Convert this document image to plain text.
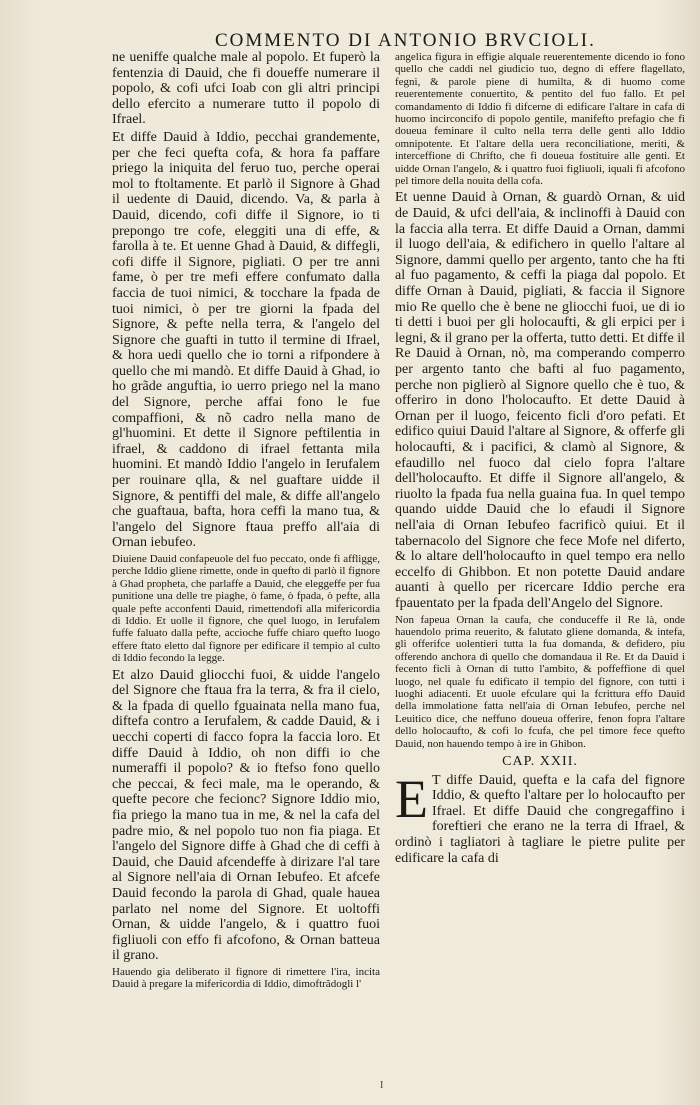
COMMENTO DI ANTONIO BRVCIOLI.

ne ueniffe qualche male al popolo. Et fuperò la fentenzia di Dauid, che fi doueffe numerare il popolo, & cofi ufci Ioab con gli altri principi dello efercito a numerare tutto il popolo di Ifrael.

Et diffe Dauid à Iddio, pecchai grandemente, per che feci quefta cofa, & hora fa paffare priego la iniquita del feruo tuo, perche operai mol to ftoltamente. Et parlò il Signore à Ghad il uedente di Dauid, dicendo. Va, & parla à Dauid, dicendo, cofi diffe il Signore, io ti prepongo tre cofe, eleggiti una di effe, & farolla à te. Et uenne Ghad à Dauid, & diffegli, cofi diffe il Signore, pigliati. O per tre anni fame, ò per tre mefi effere confumato dalla faccia de tuoi nimici, & toccharе la fpada de tuoi nimici, ò per tre giorni la fpada del Signore, & pefte nella terra, & l'angelo del Signore che guafti in tutto il termine di Ifrael, & hora uedi quello che io torni a rifpondere à quello che mi mandò. Et diffe Dauid à Ghad, io ho grãde anguftia, io uerro priego nel la mano del Signore, perche affai fono le fue compaffioni, & nõ cadro nella mano de gl'huomini. Et dette il Signore peftilentia in ifrael, & caddono di ifrael fettanta mila huomini. Et mandò Iddio l'angelo in Ierufalem per rouinare qlla, & nel guaftare uidde il Signore, & pentiffi del male, & diffe all'angelo che guaftaua, bafta, hora ceffi la mano tua, & l'angelo del Signore ftaua preffo all'aia di Ornan iebufeo.

Diuiene Dauid confapeuole del fuo peccato, onde fi affligge, perche Iddio gliene rimette, onde in quefto di parlò il fignore à Ghad propheta, che parlaffe a Dauid, che eleggeffe per fua punitione una delle tre piaghe, ò fame, ò fpada, ò pefte, alla quale pefte acconfenti Dauid, rimettendofi alla mifericordia di Iddio. Et uolle il fignore, che quel luogo, in Ierufalem fuffe faluato dalla pefte, accioche fuffe chiaro quefto luogo effere ftato eletto dal fignore per edificare il tempio al culto di Iddio fecondo la legge.

Et alzo Dauid gliocchi fuoi, & uidde l'angelo del Signore che ftaua fra la terra, & fra il cielo, & la fpada di quello fguainata nella mano fua, diftefa contro a Ierufalem, & cadde Dauid, & i uecchi coperti di facco fopra la faccia loro. Et diffe Dauid à Iddio, oh non diffi io che numeraffi il popolo? & io ftefso fono quello che peccai, & feci male, ma le operando, & quefte pecore che fecionc? Signore Iddio mio, fia priego la mano tua in me, & nel la cafa del padre mio, & nel popolo tuo non fia piaga. Et l'angelo del Signore diffe à Ghad che di ceffi à Dauid, che Dauid afcendeffe à dirizare l'al tare al Signore nell'aia di Ornan Iebufeo. Et afcefe Dauid fecondo la parola di Ghad, quale haueа parlato nel nome del Signore. Et uoltoffi Ornan, & uidde l'angelo, & i quattro fuoi figliuoli con effo fi afcofono, & Ornan batteua il grano.

Hauendo gia deliberato il fignore di rimettere l'ira, incita Dauid à pregare la mifericordia di Iddio, dimoftrãdogli l'

angelica figura in effigie alquale reuerentemente dicendo io fono quello che caddi nel giudicio tuo, degno di effere flagellato, fegni, & parole piene di humilta, & di huomo come reuerentemente conuertito, & pentito del fuo fallo. Et pel comandamento di Iddio fi difcerne di edificare l'altare in cafa di huomo incirconcifo di popolo gentile, manifefto prefagio che fi doueua feminare il culto nella terra delle genti allo Iddio omnipotente. Et l'altare della uera reconciliatione, meriti, & interceffione di Chrifto, che fi doueua fostituire alle genti. Et uidde Ornan l'angelo, & i quattro fuoi figliuoli, iquali fi afcofono pel timore della nouita della cofa.

Et uenne Dauid à Ornan, & guardò Ornan, & uid de Dauid, & ufci dell'aia, & inclinoffi à Dauid con la faccia alla terra. Et diffe Dauid a Ornan, dammi il luogo dell'aia, & edifichero in quello l'altare al Signore, dammi quello per argento, tanto che ha fti al fuo pagamento, & ceffi la piaga dal popolo. Et diffe Ornan à Dauid, pigliati, & faccia il Signore mio Re quello che è bene ne gliocchi fuoi, ue di io ti detti i buoi per gli holocaufti, & gli erpici per i legni, & il grano per la offerta, tutto detti. Et diffe il Re Dauid à Ornan, nò, ma comperando comperro per argento tanto che bafti al fuo pagamento, perche non piglierò al Signore quello che è tuo, & offeriro in dono l'holocaufto. Et dette Dauid à Ornan per il luogo, feicento ficli d'oro pefati. Et edifico quiui Dauid l'altare al Signore, & offerfe gli holocaufti, & i pacifici, & clamò al Signore, & efaudillo nel fuoco dal cielo fopra l'altare dell'holocaufto. Et diffe il Signore all'angelo, & riuolto la fpada fua nella guaina fua. In quel tempo quando uidde Dauid che lo efaudi il Signore nell'aia di Ornan Iebufeo facrificò quiui. Et il tabernacolo del Signore che fece Mofe nel diferto, & lo altare dell'holocaufto in quel tempo era nello eccelfo di Ghibbon. Et non potette Dauid andare auanti à quello per ricercare Iddio perche era fpauentato per la fpada dell'Angelo del Signore.

Non fapeua Ornan la caufa, che conduceffe il Re là, onde hauendolo prima reuerito, & falutato gliene domanda, & intefa, gli offerifce uolentieri tutta la fua domanda, & defidero, piu offerendo anchora di quello che domandaua il Re. Et da Dauid i fecento ficli à Ornan di tutto l'ambito, & poffeffione di quel luogo, nel quale fu edificato il tempio del fignore, con tutti i luoghi adiacenti. Et uuole efculare qui la fcrittura effo Dauid della immolatione fatta nell'aia di Ornan Iebufeo, perche nel Leuitico dice, che neffuno doueua offerire, fenon fopra l'altare dello holocaufto, & cofi lo fcufa, che pel timore fece quefto Dauid, non hauendo tempo à ire in Ghibon.

CAP. XXII.

E T diffe Dauid, quefta e la cafa del fignore Iddio, & quefto l'altare per lo holocaufto per Ifrael. Et diffe Dauid che congregaffino i foreftieri che erano ne la terra di Ifrael, & ordinò i tagliatori à tagliare le pietre pulite per edificare la cafa di

I
